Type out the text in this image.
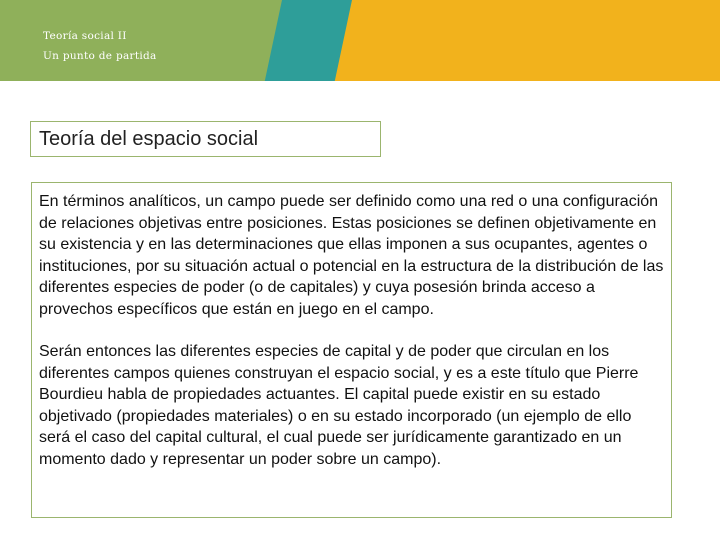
Teoría social II
Un punto de partida
Teoría del espacio social

En términos analíticos, un campo puede ser definido como una red o una configuración de relaciones objetivas entre posiciones. Estas posiciones se definen objetivamente en su existencia y en las determinaciones que ellas imponen a sus ocupantes, agentes o instituciones, por su situación actual o potencial en la estructura de la distribución de las diferentes especies de poder (o de capitales) y cuya posesión brinda acceso a provechos específicos que están en juego en el campo.

Serán entonces las diferentes especies de capital y de poder que circulan en los diferentes campos quienes construyan el espacio social, y es a este título que Pierre Bourdieu habla de propiedades actuantes. El capital puede existir en su estado objetivado (propiedades materiales) o en su estado incorporado (un ejemplo de ello será el caso del capital cultural, el cual puede ser jurídicamente garantizado en un momento dado y representar un poder sobre un campo).
